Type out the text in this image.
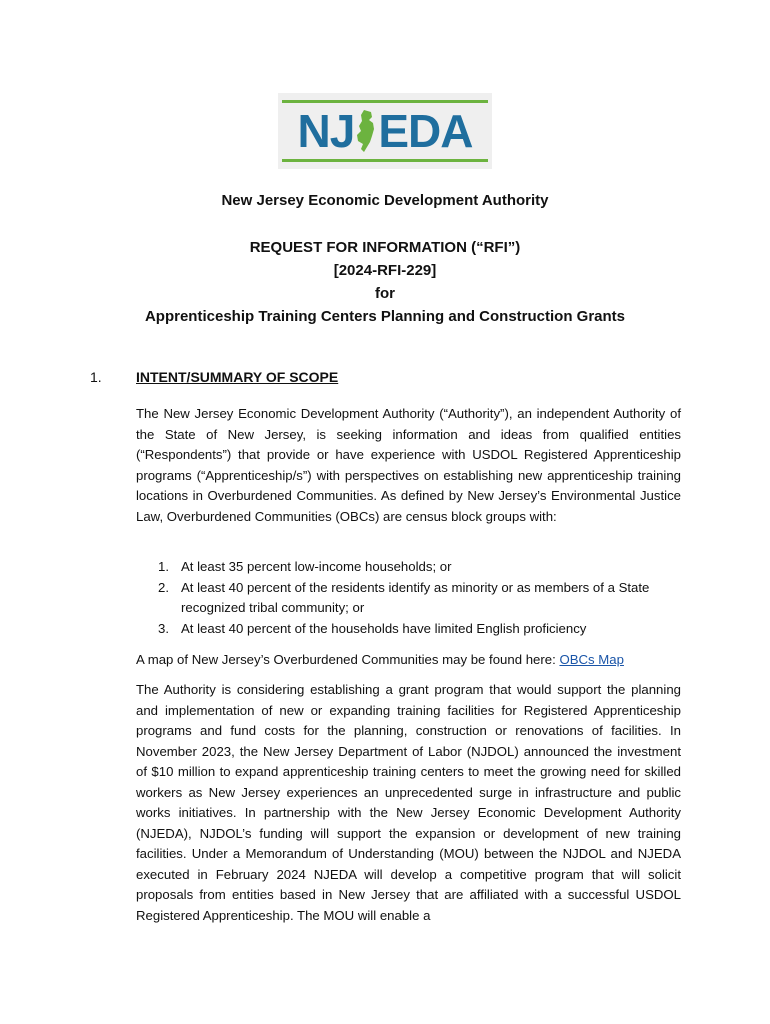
NJ EDA
New Jersey Economic Development Authority
REQUEST FOR INFORMATION (“RFI”)
[2024-RFI-229]
for
Apprenticeship Training Centers Planning and Construction Grants
1. INTENT/SUMMARY OF SCOPE

The New Jersey Economic Development Authority (“Authority”), an independent Authority of the State of New Jersey, is seeking information and ideas from qualified entities (“Respondents”) that provide or have experience with USDOL Registered Apprenticeship programs (“Apprenticeship/s”) with perspectives on establishing new apprenticeship training locations in Overburdened Communities. As defined by New Jersey’s Environmental Justice Law, Overburdened Communities (OBCs) are census block groups with:

1. At least 35 percent low-income households; or
2. At least 40 percent of the residents identify as minority or as members of a State recognized tribal community; or
3. At least 40 percent of the households have limited English proficiency
A map of New Jersey’s Overburdened Communities may be found here: OBCs Map

The Authority is considering establishing a grant program that would support the planning and implementation of new or expanding training facilities for Registered Apprenticeship programs and fund costs for the planning, construction or renovations of facilities. In November 2023, the New Jersey Department of Labor (NJDOL) announced the investment of $10 million to expand apprenticeship training centers to meet the growing need for skilled workers as New Jersey experiences an unprecedented surge in infrastructure and public works initiatives. In partnership with the New Jersey Economic Development Authority (NJEDA), NJDOL’s funding will support the expansion or development of new training facilities. Under a Memorandum of Understanding (MOU) between the NJDOL and NJEDA executed in February 2024 NJEDA will develop a competitive program that will solicit proposals from entities based in New Jersey that are affiliated with a successful USDOL Registered Apprenticeship. The MOU will enable a
